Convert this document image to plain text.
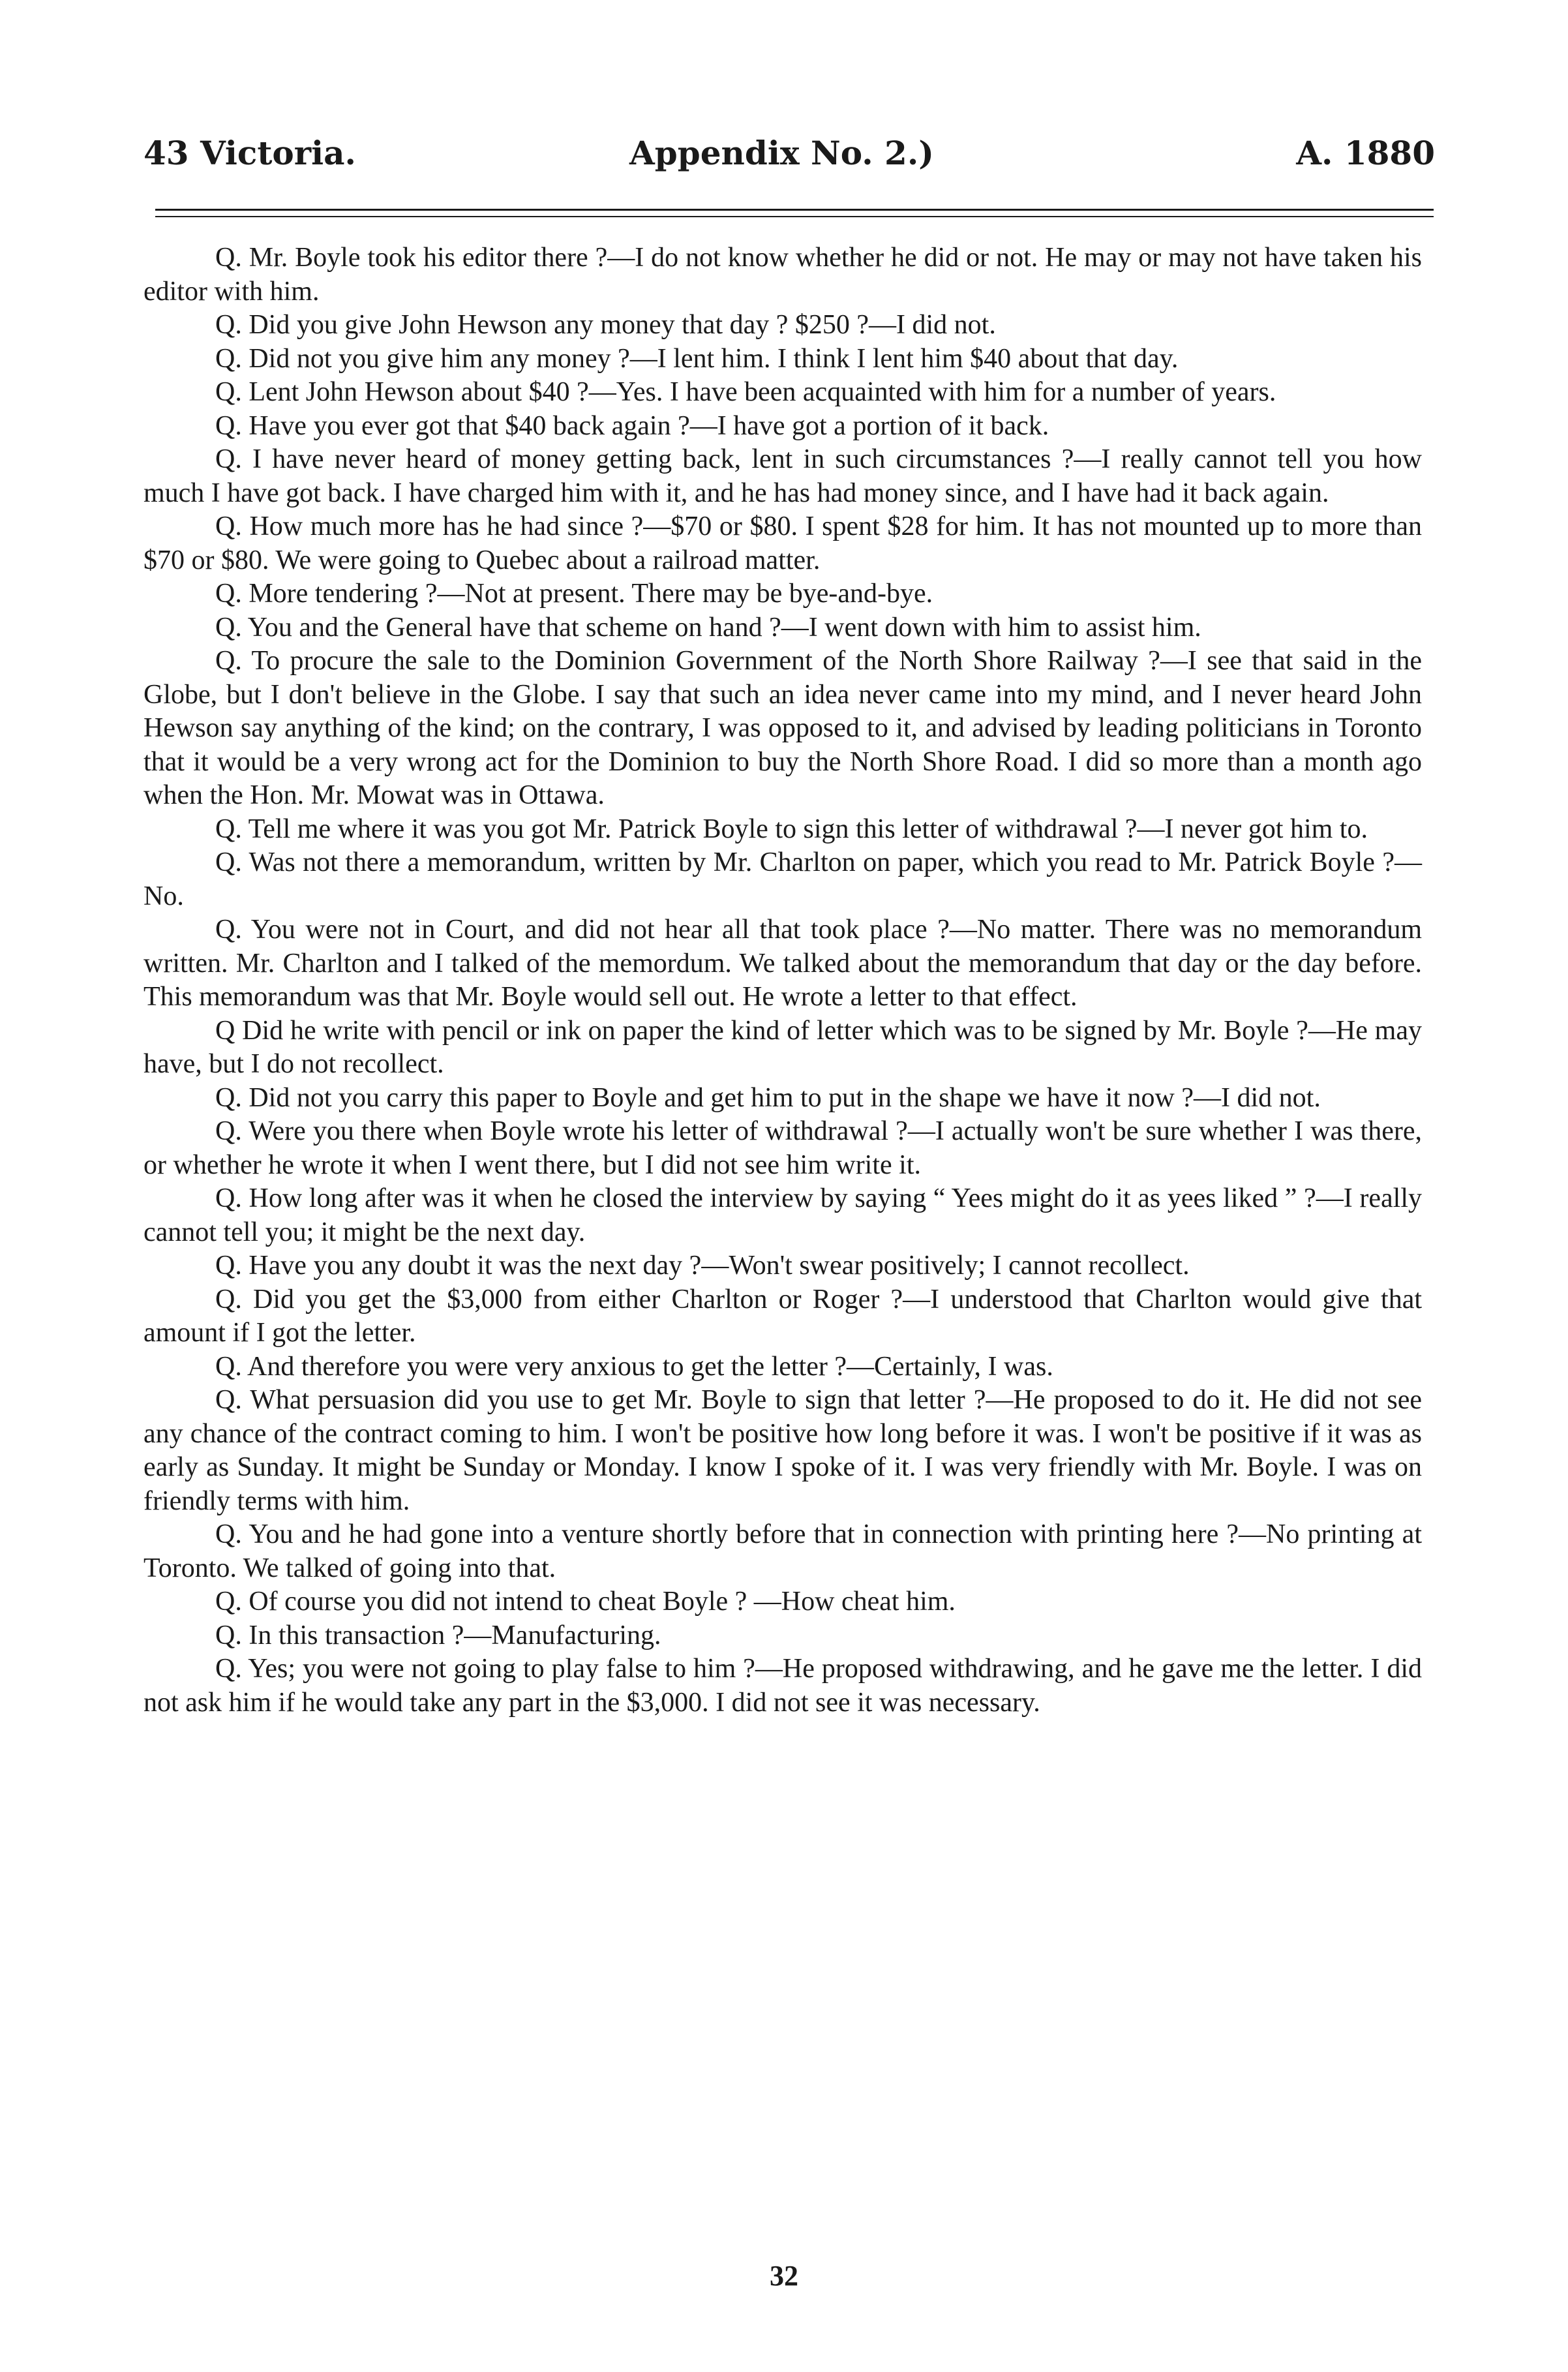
43 Victoria.	Appendix No. 2.)	A. 1880

Q. Mr. Boyle took his editor there ?—I do not know whether he did or not. He may or may not have taken his editor with him.

Q. Did you give John Hewson any money that day ? $250 ?—I did not.

Q. Did not you give him any money ?—I lent him. I think I lent him $40 about that day.

Q. Lent John Hewson about $40 ?—Yes. I have been acquainted with him for a number of years.

Q. Have you ever got that $40 back again ?—I have got a portion of it back.

Q. I have never heard of money getting back, lent in such circumstances ?—I really cannot tell you how much I have got back. I have charged him with it, and he has had money since, and I have had it back again.

Q. How much more has he had since ?—$70 or $80. I spent $28 for him. It has not mounted up to more than $70 or $80. We were going to Quebec about a railroad matter.

Q. More tendering ?—Not at present. There may be bye-and-bye.

Q. You and the General have that scheme on hand ?—I went down with him to assist him.

Q. To procure the sale to the Dominion Government of the North Shore Railway ?—I see that said in the Globe, but I don't believe in the Globe. I say that such an idea never came into my mind, and I never heard John Hewson say anything of the kind; on the contrary, I was opposed to it, and advised by leading politicians in Toronto that it would be a very wrong act for the Dominion to buy the North Shore Road. I did so more than a month ago when the Hon. Mr. Mowat was in Ottawa.

Q. Tell me where it was you got Mr. Patrick Boyle to sign this letter of withdrawal ?—I never got him to.

Q. Was not there a memorandum, written by Mr. Charlton on paper, which you read to Mr. Patrick Boyle ?—No.

Q. You were not in Court, and did not hear all that took place ?—No matter. There was no memorandum written. Mr. Charlton and I talked of the memordum. We talked about the memorandum that day or the day before. This memorandum was that Mr. Boyle would sell out. He wrote a letter to that effect.

Q Did he write with pencil or ink on paper the kind of letter which was to be signed by Mr. Boyle ?—He may have, but I do not recollect.

Q. Did not you carry this paper to Boyle and get him to put in the shape we have it now ?—I did not.

Q. Were you there when Boyle wrote his letter of withdrawal ?—I actually won't be sure whether I was there, or whether he wrote it when I went there, but I did not see him write it.

Q. How long after was it when he closed the interview by saying “ Yees might do it as yees liked ” ?—I really cannot tell you; it might be the next day.

Q. Have you any doubt it was the next day ?—Won't swear positively; I cannot recollect.

Q. Did you get the $3,000 from either Charlton or Roger ?—I understood that Charlton would give that amount if I got the letter.

Q. And therefore you were very anxious to get the letter ?—Certainly, I was.

Q. What persuasion did you use to get Mr. Boyle to sign that letter ?—He proposed to do it. He did not see any chance of the contract coming to him. I won't be positive how long before it was. I won't be positive if it was as early as Sunday. It might be Sunday or Monday. I know I spoke of it. I was very friendly with Mr. Boyle. I was on friendly terms with him.

Q. You and he had gone into a venture shortly before that in connection with printing here ?—No printing at Toronto. We talked of going into that.

Q. Of course you did not intend to cheat Boyle ? —How cheat him.

Q. In this transaction ?—Manufacturing.

Q. Yes; you were not going to play false to him ?—He proposed withdrawing, and he gave me the letter. I did not ask him if he would take any part in the $3,000. I did not see it was necessary.

32
